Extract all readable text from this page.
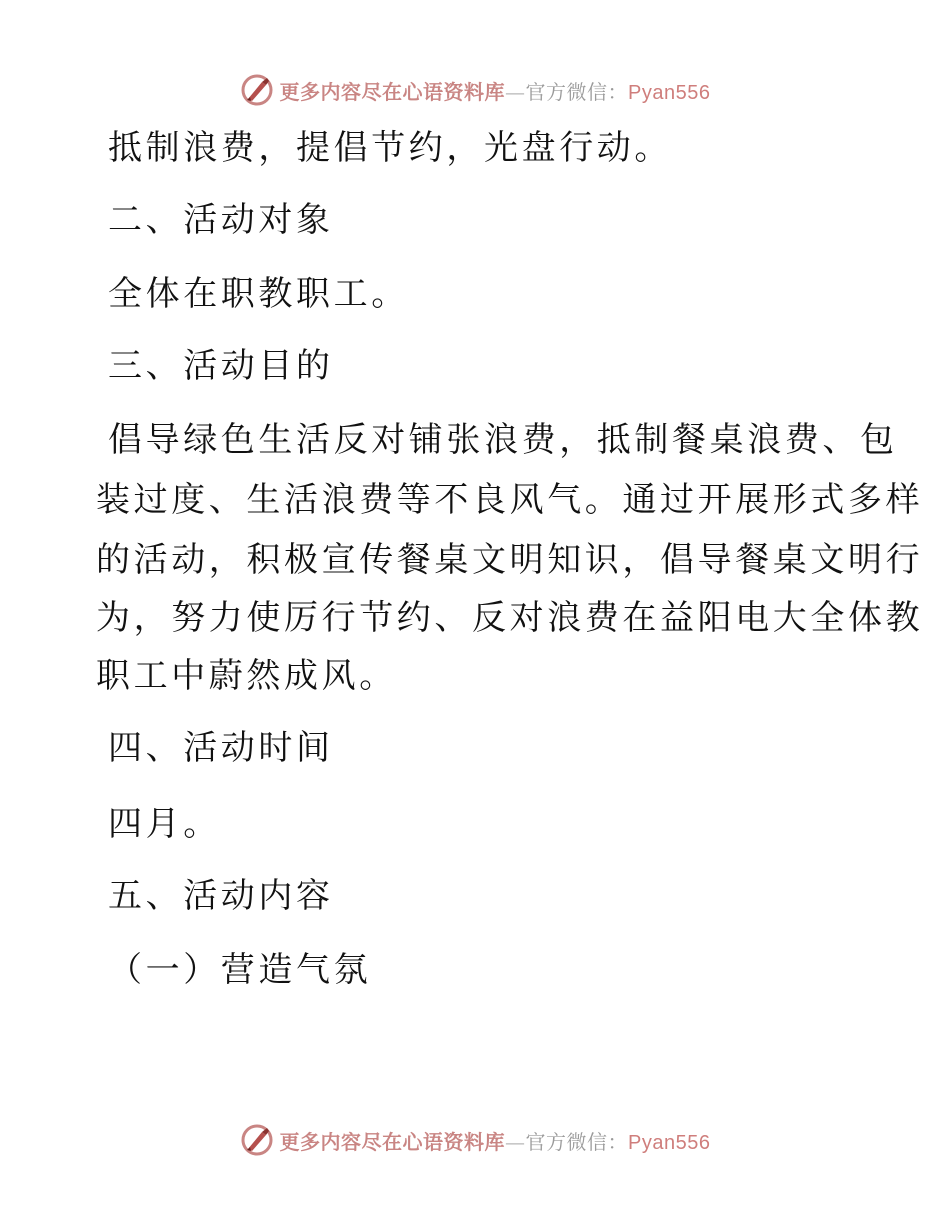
更多内容尽在心语资料库—官方微信：Pyan556
抵制浪费，提倡节约，光盘行动。
二、活动对象
全体在职教职工。
三、活动目的
倡导绿色生活反对铺张浪费，抵制餐桌浪费、包
装过度、生活浪费等不良风气。通过开展形式多样
的活动，积极宣传餐桌文明知识，倡导餐桌文明行
为，努力使厉行节约、反对浪费在益阳电大全体教
职工中蔚然成风。
四、活动时间
四月。
五、活动内容
（一）营造气氛
更多内容尽在心语资料库—官方微信：Pyan556
